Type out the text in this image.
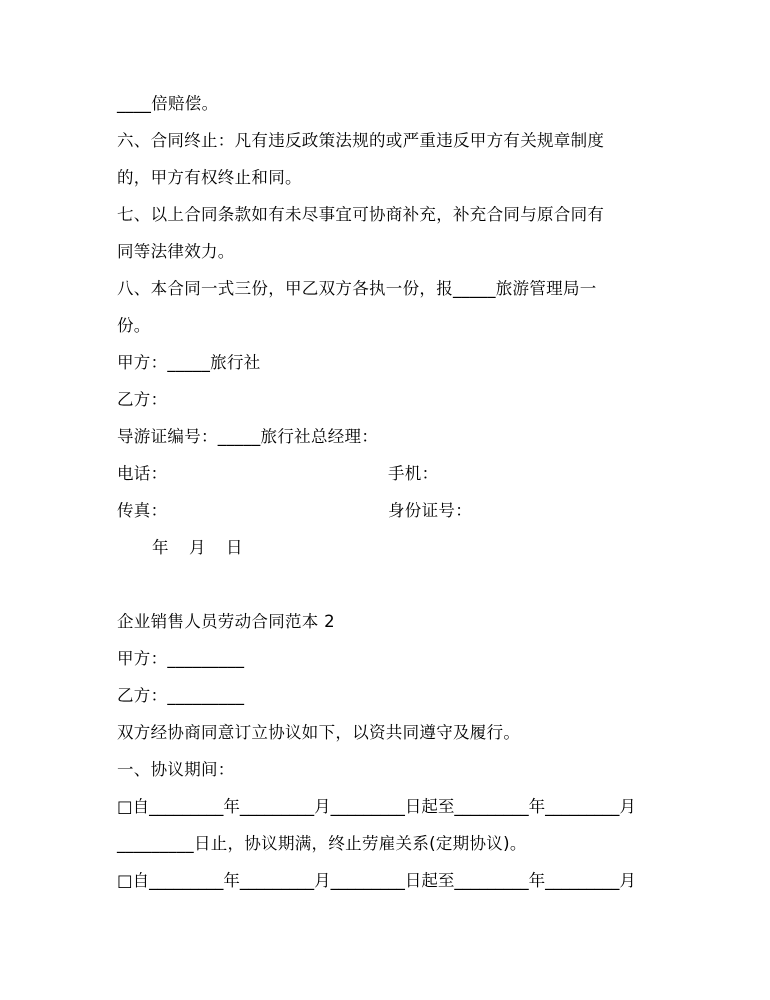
____倍赔偿。
六、合同终止：凡有违反政策法规的或严重违反甲方有关规章制度
的，甲方有权终止和同。
七、以上合同条款如有未尽事宜可协商补充，补充合同与原合同有
同等法律效力。
八、本合同一式三份，甲乙双方各执一份，报_____旅游管理局一
份。
甲方：_____旅行社
乙方：
导游证编号：_____旅行社总经理：
电话：
传真：
手机：
身份证号：
年 月 日
企业销售人员劳动合同范本 2
甲方：_________
乙方：_________
双方经协商同意订立协议如下，以资共同遵守及履行。
一、协议期间：
□自_________年_________月_________日起至_________年_________月
_________日止，协议期满，终止劳雇关系(定期协议)。
□自_________年_________月_________日起至_________年_________月
